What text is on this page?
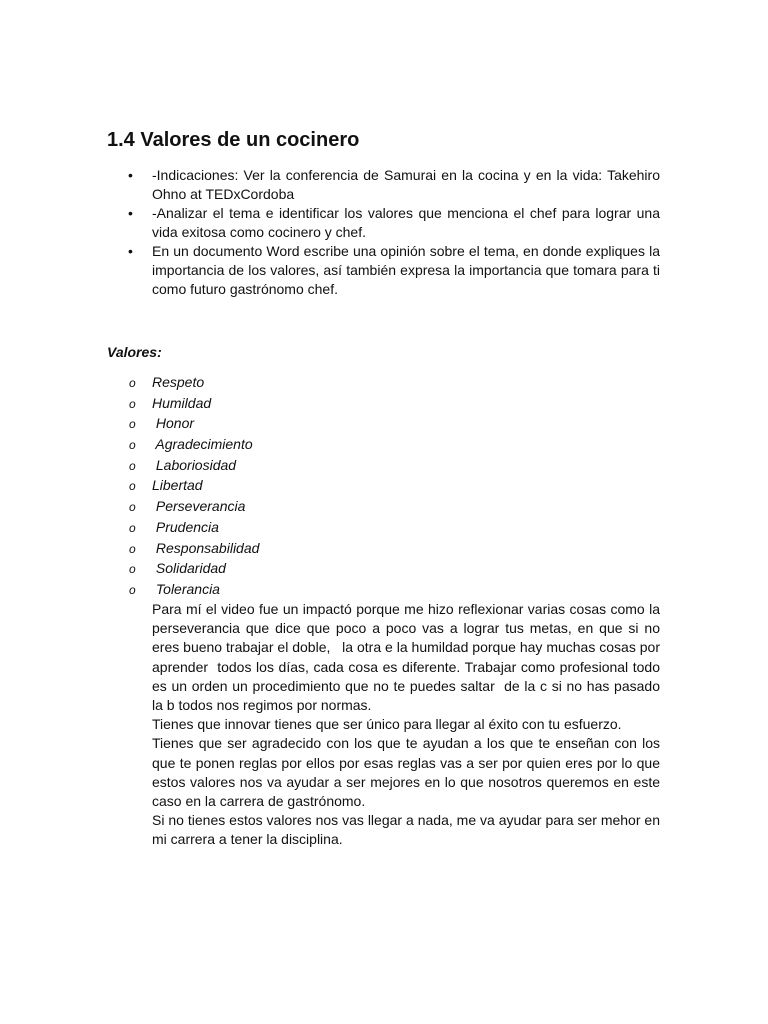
1.4 Valores de un cocinero
• -Indicaciones: Ver la conferencia de Samurai en la cocina y en la vida: Takehiro Ohno at TEDxCordoba
• -Analizar el tema e identificar los valores que menciona el chef para lograr una vida exitosa como cocinero y chef.
• En un documento Word escribe una opinión sobre el tema, en donde expliques la importancia de los valores, así también expresa la importancia que tomara para ti como futuro gastrónomo chef.
Valores:
o Respeto
o Humildad
o Honor
o Agradecimiento
o Laboriosidad
o Libertad
o Perseverancia
o Prudencia
o Responsabilidad
o Solidaridad
o Tolerancia

Para mí el video fue un impactó porque me hizo reflexionar varias cosas como la perseverancia que dice que poco a poco vas a lograr tus metas, en que si no eres bueno trabajar el doble,   la otra e la humildad porque hay muchas cosas por aprender  todos los días, cada cosa es diferente. Trabajar como profesional todo es un orden un procedimiento que no te puedes saltar  de la c si no has pasado la b todos nos regimos por normas.

Tienes que innovar tienes que ser único para llegar al éxito con tu esfuerzo.

Tienes que ser agradecido con los que te ayudan a los que te enseñan con los que te ponen reglas por ellos por esas reglas vas a ser por quien eres por lo que estos valores nos va ayudar a ser mejores en lo que nosotros queremos en este caso en la carrera de gastrónomo.

Si no tienes estos valores nos vas llegar a nada, me va ayudar para ser mehor en mi carrera a tener la disciplina.
